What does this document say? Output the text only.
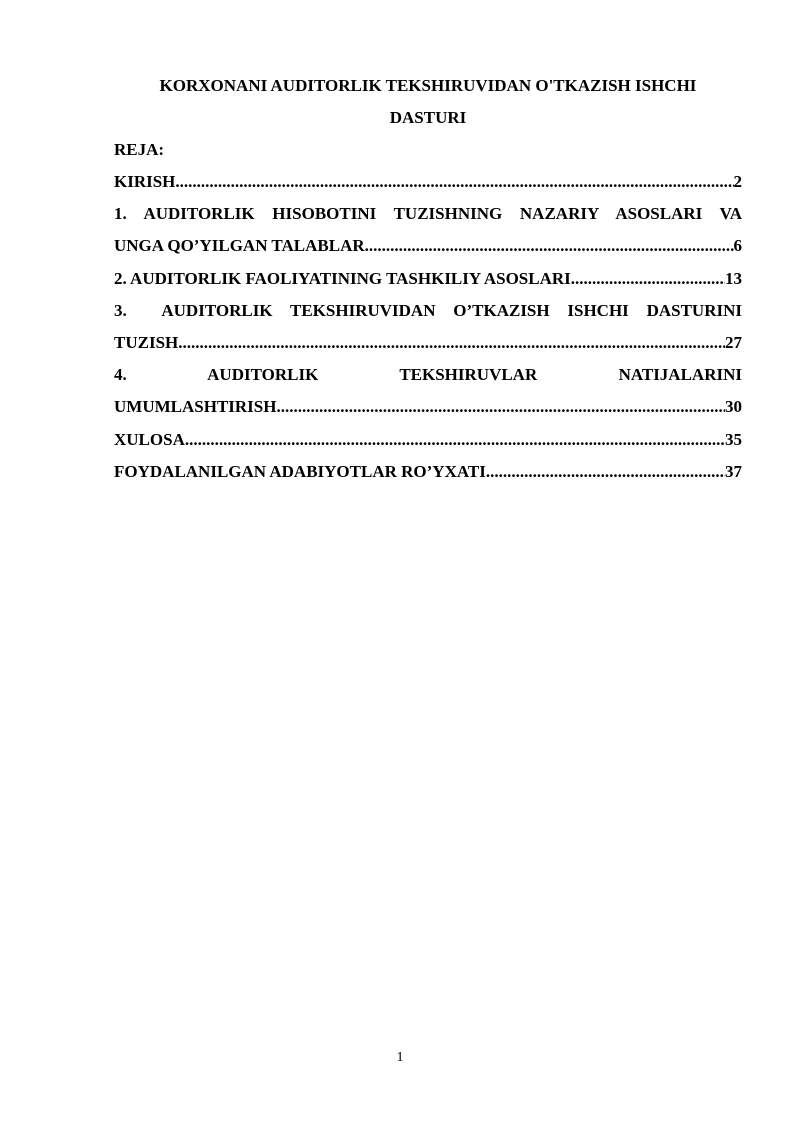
KORXONANI AUDITORLIK TEKSHIRUVIDAN O'TKAZISH ISHCHI
DASTURI

REJA:

KIRISH .....	2
1. AUDITORLIK HISOBOTINI TUZISHNING NAZARIY ASOSLARI VA
UNGA QO’YILGAN TALABLAR .....	6
2. AUDITORLIK FAOLIYATINING TASHKILIY ASOSLARI .....	13
3.  AUDITORLIK TEKSHIRUVIDAN O’TKAZISH ISHCHI DASTURINI
TUZISH .....	27
4. AUDITORLIK TEKSHIRUVLAR NATIJALARINI
UMUMLASHTIRISH .....	30
XULOSA .....	35
FOYDALANILGAN ADABIYOTLAR RO’YXATI .....	37
1
